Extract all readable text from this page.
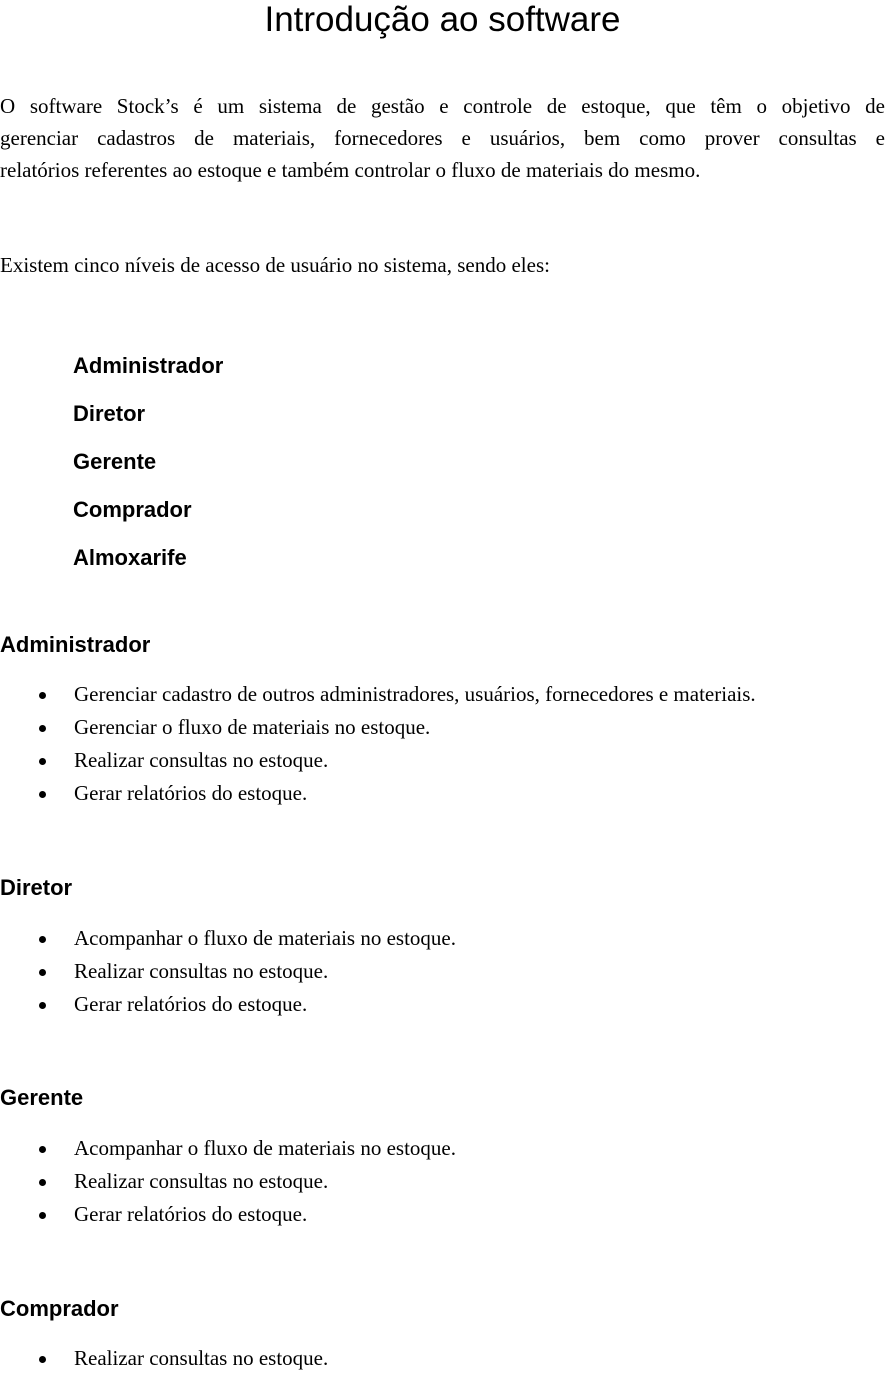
Introdução ao software

O software Stock’s é um sistema de gestão e controle de estoque, que têm o objetivo de
gerenciar cadastros de materiais, fornecedores e usuários, bem como prover consultas e
relatórios referentes ao estoque e também controlar o fluxo de materiais do mesmo.

Existem cinco níveis de acesso de usuário no sistema, sendo eles:

Administrador
Diretor
Gerente
Comprador
Almoxarife
Administrador
Gerenciar cadastro de outros administradores, usuários, fornecedores e materiais.
Gerenciar o fluxo de materiais no estoque.
Realizar consultas no estoque.
Gerar relatórios do estoque.
Diretor
Acompanhar o fluxo de materiais no estoque.
Realizar consultas no estoque.
Gerar relatórios do estoque.
Gerente
Acompanhar o fluxo de materiais no estoque.
Realizar consultas no estoque.
Gerar relatórios do estoque.
Comprador
Realizar consultas no estoque.
